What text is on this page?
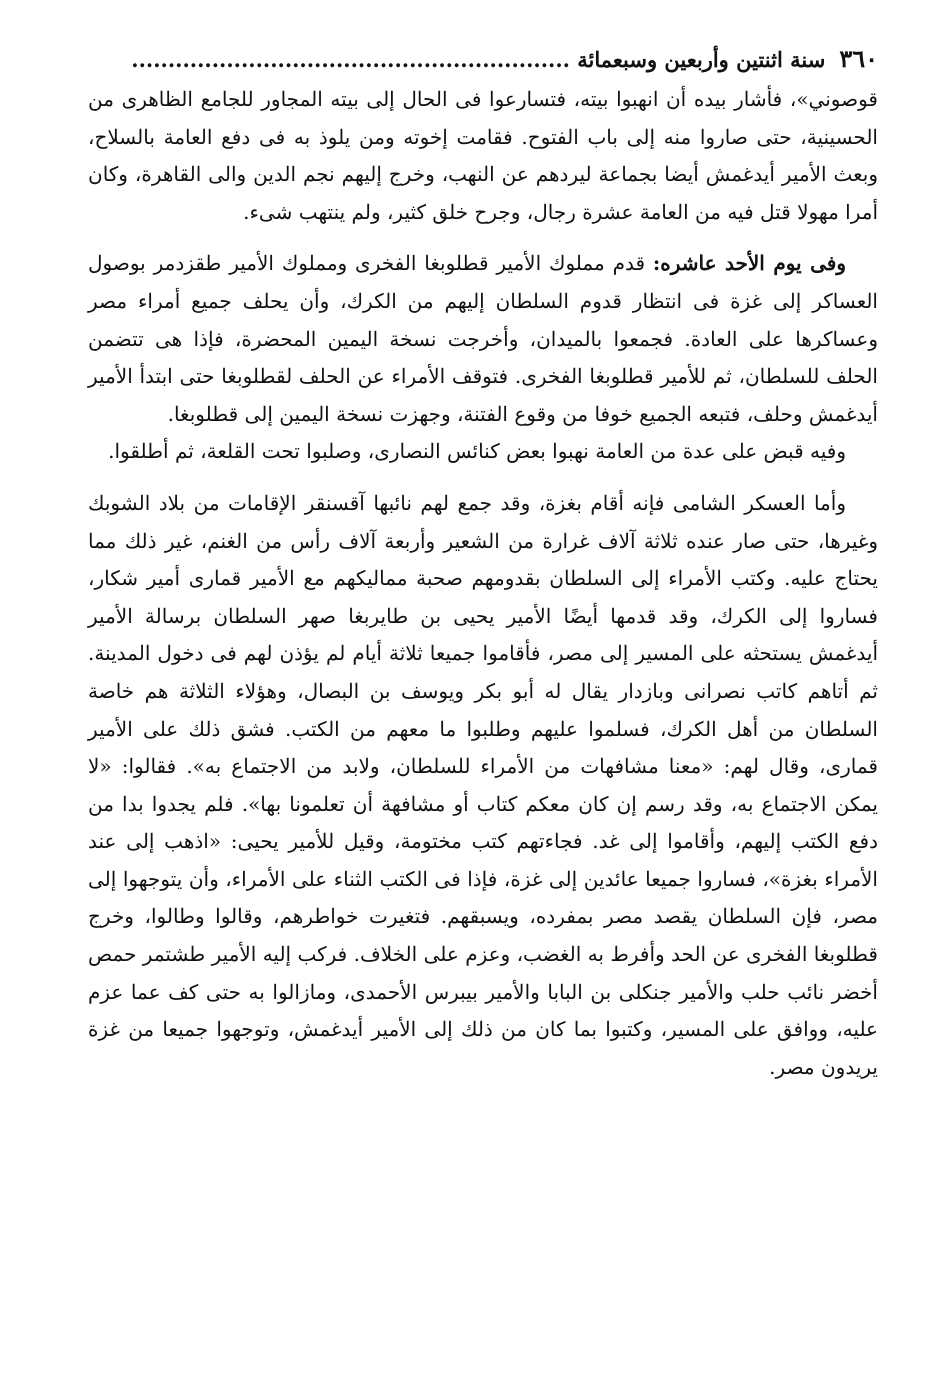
٣٦٠
سنة اثنتين وأربعين وسبعمائة ............................................................

قوصوني»، فأشار بيده أن انهبوا بيته، فتسارعوا فى الحال إلى بيته المجاور للجامع الظاهرى من الحسينية، حتى صاروا منه إلى باب الفتوح. فقامت إخوته ومن يلوذ به فى دفع العامة بالسلاح، وبعث الأمير أيدغمش أيضا بجماعة ليردهم عن النهب، وخرج إليهم نجم الدين والى القاهرة، وكان أمرا مهولا قتل فيه من العامة عشرة رجال، وجرح خلق كثير، ولم ينتهب شىء.

وفى يوم الأحد عاشره: قدم مملوك الأمير قطلوبغا الفخرى ومملوك الأمير طقزدمر بوصول العساكر إلى غزة فى انتظار قدوم السلطان إليهم من الكرك، وأن يحلف جميع أمراء مصر وعساكرها على العادة. فجمعوا بالميدان، وأخرجت نسخة اليمين المحضرة، فإذا هى تتضمن الحلف للسلطان، ثم للأمير قطلوبغا الفخرى. فتوقف الأمراء عن الحلف لقطلوبغا حتى ابتدأ الأمير أيدغمش وحلف، فتبعه الجميع خوفا من وقوع الفتنة، وجهزت نسخة اليمين إلى قطلوبغا.

وفيه قبض على عدة من العامة نهبوا بعض كنائس النصارى، وصلبوا تحت القلعة، ثم أطلقوا.

وأما العسكر الشامى فإنه أقام بغزة، وقد جمع لهم نائبها آقسنقر الإقامات من بلاد الشوبك وغيرها، حتى صار عنده ثلاثة آلاف غرارة من الشعير وأربعة آلاف رأس من الغنم، غير ذلك مما يحتاج عليه. وكتب الأمراء إلى السلطان بقدومهم صحبة مماليكهم مع الأمير قمارى أمير شكار، فساروا إلى الكرك، وقد قدمها أيضًا الأمير يحيى بن طايربغا صهر السلطان برسالة الأمير أيدغمش يستحثه على المسير إلى مصر، فأقاموا جميعا ثلاثة أيام لم يؤذن لهم فى دخول المدينة. ثم أتاهم كاتب نصرانى وبازدار يقال له أبو بكر ويوسف بن البصال، وهؤلاء الثلاثة هم خاصة السلطان من أهل الكرك، فسلموا عليهم وطلبوا ما معهم من الكتب. فشق ذلك على الأمير قمارى، وقال لهم: «معنا مشافهات من الأمراء للسلطان، ولابد من الاجتماع به». فقالوا: «لا يمكن الاجتماع به، وقد رسم إن كان معكم كتاب أو مشافهة أن تعلمونا بها». فلم يجدوا بدا من دفع الكتب إليهم، وأقاموا إلى غد. فجاءتهم كتب مختومة، وقيل للأمير يحيى: «اذهب إلى عند الأمراء بغزة»، فساروا جميعا عائدين إلى غزة، فإذا فى الكتب الثناء على الأمراء، وأن يتوجهوا إلى مصر، فإن السلطان يقصد مصر بمفرده، ويسبقهم. فتغيرت خواطرهم، وقالوا وطالوا، وخرج قطلوبغا الفخرى عن الحد وأفرط به الغضب، وعزم على الخلاف. فركب إليه الأمير طشتمر حمص أخضر نائب حلب والأمير جنكلى بن البابا والأمير بيبرس الأحمدى، ومازالوا به حتى كف عما عزم عليه، ووافق على المسير، وكتبوا بما كان من ذلك إلى الأمير أيدغمش، وتوجهوا جميعا من غزة يريدون مصر.
